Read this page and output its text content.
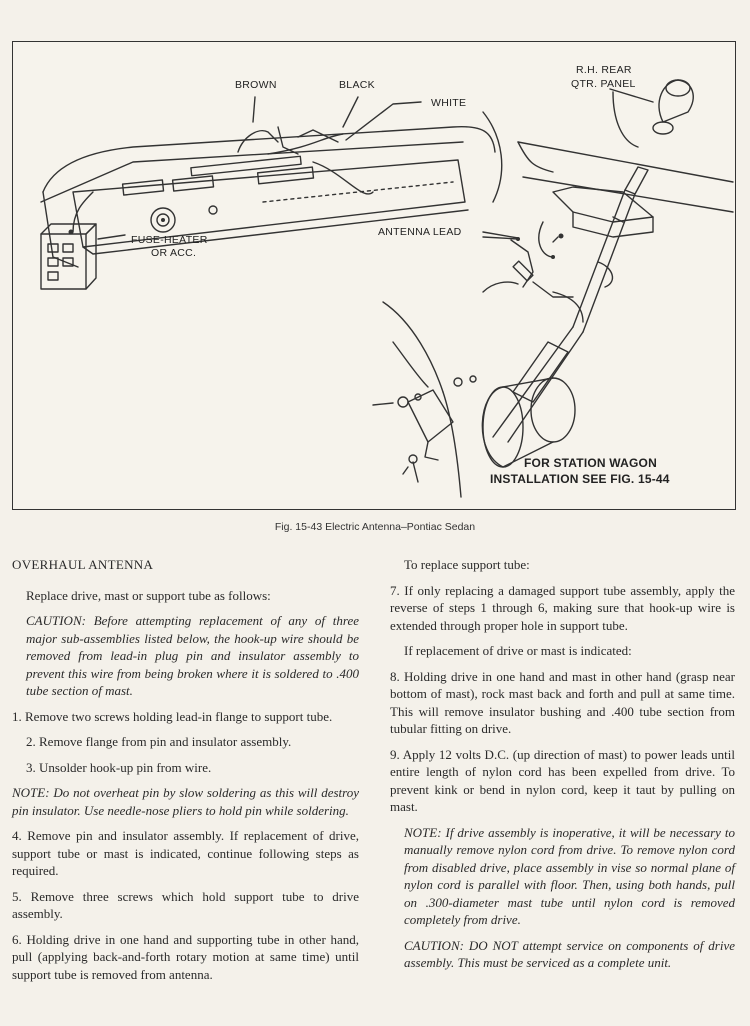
BROWN	BLACK
WHITE
R.H. REAR
QTR. PANEL
ANTENNA LEAD
FUSE-HEATER
OR ACC.
FOR STATION WAGON
INSTALLATION SEE FIG. 15-44
Fig. 15-43 Electric Antenna–Pontiac Sedan

OVERHAUL ANTENNA

Replace drive, mast or support tube as follows:

CAUTION: Before attempting replacement of any of three major sub-assemblies listed below, the hook-up wire should be removed from lead-in plug pin and insulator assembly to prevent this wire from being broken where it is soldered to .400 tube section of mast.

1. Remove two screws holding lead-in flange to support tube.

2. Remove flange from pin and insulator assembly.

3. Unsolder hook-up pin from wire.

NOTE: Do not overheat pin by slow soldering as this will destroy pin insulator. Use needle-nose pliers to hold pin while soldering.

4. Remove pin and insulator assembly. If replacement of drive, support tube or mast is indicated, continue following steps as required.

5. Remove three screws which hold support tube to drive assembly.

6. Holding drive in one hand and supporting tube in other hand, pull (applying back-and-forth rotary motion at same time) until support tube is removed from antenna.

To replace support tube:

7. If only replacing a damaged support tube assembly, apply the reverse of steps 1 through 6, making sure that hook-up wire is extended through proper hole in support tube.

If replacement of drive or mast is indicated:

8. Holding drive in one hand and mast in other hand (grasp near bottom of mast), rock mast back and forth and pull at same time. This will remove insulator bushing and .400 tube section from tubular fitting on drive.

9. Apply 12 volts D.C. (up direction of mast) to power leads until entire length of nylon cord has been expelled from drive. To prevent kink or bend in nylon cord, keep it taut by pulling on mast.

NOTE: If drive assembly is inoperative, it will be necessary to manually remove nylon cord from drive. To remove nylon cord from disabled drive, place assembly in vise so normal plane of nylon cord is parallel with floor. Then, using both hands, pull on .300-diameter mast tube until nylon cord is removed completely from drive.

CAUTION: DO NOT attempt service on components of drive assembly. This must be serviced as a complete unit.
